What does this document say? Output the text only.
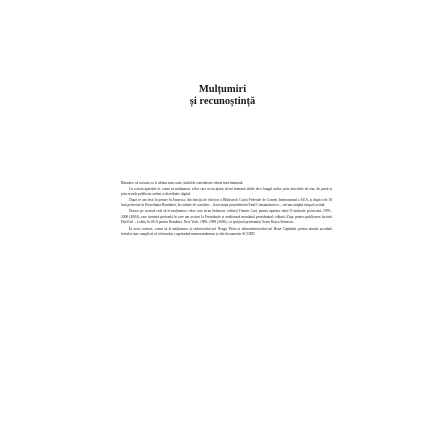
Mulțumiri
și recunoștință

Bănuiesc că aceasta va fi ultima mea carte, luând în considerare vârsta mea înaintată.

Cu ocazia apariției ei, vreau să mulțumesc celor care m-au ajutat să-mi transmit ideile de-a lungul anilor, prin articolele de ziar, de presă și prin textele publicate online și distribuite digital.

După ce am ieșit la pensie în America, din funcția de director a Bibliotecii Curții Federale de Comerț Internațional a SUA, și după cele 18 luni petrecute la Președinția României, în calitate de consilier – la invitația președintelui Emil Constantinescu –, mi-am umplut timpul scriind.

Doresc pe această cale să le mulțumesc celor care m-au îndatorat: editurii Themis Cart, pentru apariția cărții O mărturie provocată, 1995–2000 (2004), care tratează perioada în care am activat la Președinție și analizează mandatul prezidențial; editurii Ziua, pentru publicarea lucrării Din Exil – Lobby în SUA pentru România. New York, 1990–1998 (2006), cu sprijinul prietenului Sorin Roșca Stănescu.

În acest context, vreau să le mulțumesc și redactorului-șef Neagu Theta și tehnoredactorului-șef Rena Căpățână, pentru atenția acordată textului mai complicat al volumului, cuprinzând memorandumuri și alte documente ACORD
